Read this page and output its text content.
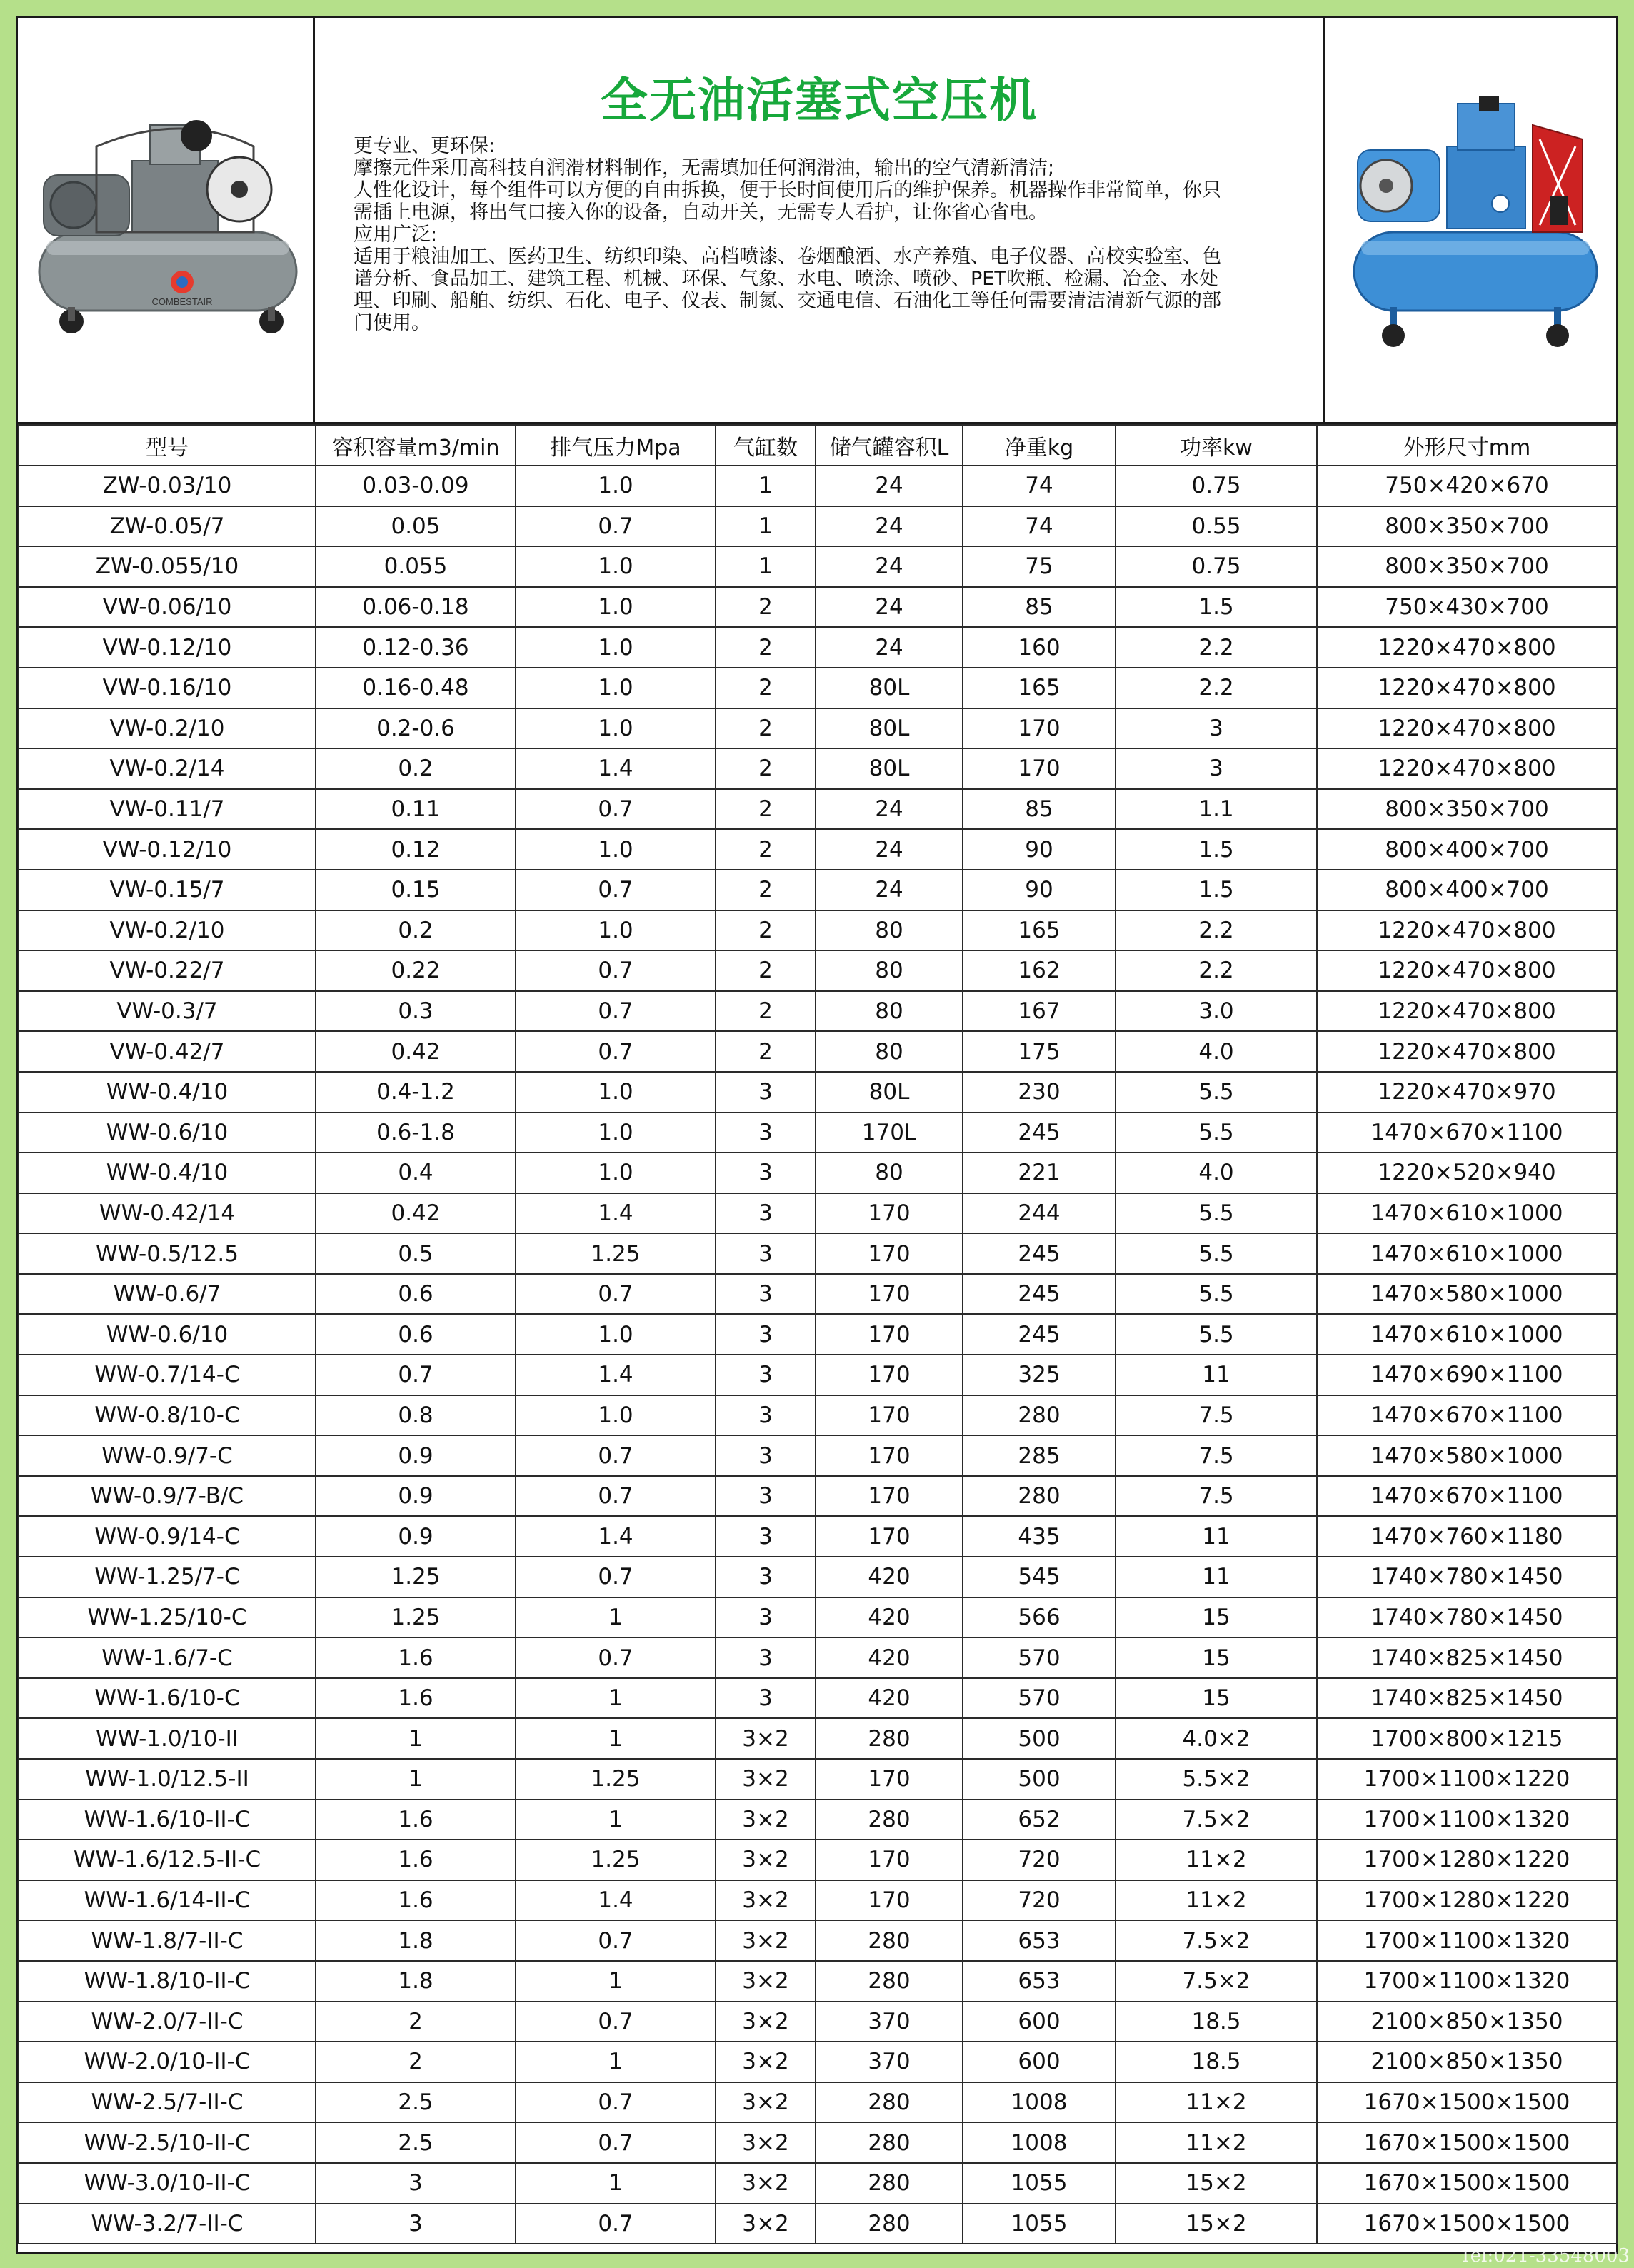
COMBESTAIR
全无油活塞式空压机
更专业、更环保:
摩擦元件采用高科技自润滑材料制作，无需填加任何润滑油，输出的空气清新清洁;
人性化设计，每个组件可以方便的自由拆换，便于长时间使用后的维护保养。机器操作非常简单，你只
需插上电源，将出气口接入你的设备，自动开关，无需专人看护，让你省心省电。
应用广泛:
适用于粮油加工、医药卫生、纺织印染、高档喷漆、卷烟酿酒、水产养殖、电子仪器、高校实验室、色
谱分析、食品加工、建筑工程、机械、环保、气象、水电、喷涂、喷砂、PET吹瓶、检漏、冶金、水处
理、印刷、船舶、纺织、石化、电子、仪表、制氮、交通电信、石油化工等任何需要清洁清新气源的部
门使用。
型号	容积容量m3/min	排气压力Mpa	气缸数	储气罐容积L	净重kg	功率kw	外形尺寸mm
ZW-0.03/10	0.03-0.09	1.0	1	24	74	0.75	750×420×670
ZW-0.05/7	0.05	0.7	1	24	74	0.55	800×350×700
ZW-0.055/10	0.055	1.0	1	24	75	0.75	800×350×700
VW-0.06/10	0.06-0.18	1.0	2	24	85	1.5	750×430×700
VW-0.12/10	0.12-0.36	1.0	2	24	160	2.2	1220×470×800
VW-0.16/10	0.16-0.48	1.0	2	80L	165	2.2	1220×470×800
VW-0.2/10	0.2-0.6	1.0	2	80L	170	3	1220×470×800
VW-0.2/14	0.2	1.4	2	80L	170	3	1220×470×800
VW-0.11/7	0.11	0.7	2	24	85	1.1	800×350×700
VW-0.12/10	0.12	1.0	2	24	90	1.5	800×400×700
VW-0.15/7	0.15	0.7	2	24	90	1.5	800×400×700
VW-0.2/10	0.2	1.0	2	80	165	2.2	1220×470×800
VW-0.22/7	0.22	0.7	2	80	162	2.2	1220×470×800
VW-0.3/7	0.3	0.7	2	80	167	3.0	1220×470×800
VW-0.42/7	0.42	0.7	2	80	175	4.0	1220×470×800
WW-0.4/10	0.4-1.2	1.0	3	80L	230	5.5	1220×470×970
WW-0.6/10	0.6-1.8	1.0	3	170L	245	5.5	1470×670×1100
WW-0.4/10	0.4	1.0	3	80	221	4.0	1220×520×940
WW-0.42/14	0.42	1.4	3	170	244	5.5	1470×610×1000
WW-0.5/12.5	0.5	1.25	3	170	245	5.5	1470×610×1000
WW-0.6/7	0.6	0.7	3	170	245	5.5	1470×580×1000
WW-0.6/10	0.6	1.0	3	170	245	5.5	1470×610×1000
WW-0.7/14-C	0.7	1.4	3	170	325	11	1470×690×1100
WW-0.8/10-C	0.8	1.0	3	170	280	7.5	1470×670×1100
WW-0.9/7-C	0.9	0.7	3	170	285	7.5	1470×580×1000
WW-0.9/7-B/C	0.9	0.7	3	170	280	7.5	1470×670×1100
WW-0.9/14-C	0.9	1.4	3	170	435	11	1470×760×1180
WW-1.25/7-C	1.25	0.7	3	420	545	11	1740×780×1450
WW-1.25/10-C	1.25	1	3	420	566	15	1740×780×1450
WW-1.6/7-C	1.6	0.7	3	420	570	15	1740×825×1450
WW-1.6/10-C	1.6	1	3	420	570	15	1740×825×1450
WW-1.0/10-II	1	1	3×2	280	500	4.0×2	1700×800×1215
WW-1.0/12.5-II	1	1.25	3×2	170	500	5.5×2	1700×1100×1220
WW-1.6/10-II-C	1.6	1	3×2	280	652	7.5×2	1700×1100×1320
WW-1.6/12.5-II-C	1.6	1.25	3×2	170	720	11×2	1700×1280×1220
WW-1.6/14-II-C	1.6	1.4	3×2	170	720	11×2	1700×1280×1220
WW-1.8/7-II-C	1.8	0.7	3×2	280	653	7.5×2	1700×1100×1320
WW-1.8/10-II-C	1.8	1	3×2	280	653	7.5×2	1700×1100×1320
WW-2.0/7-II-C	2	0.7	3×2	370	600	18.5	2100×850×1350
WW-2.0/10-II-C	2	1	3×2	370	600	18.5	2100×850×1350
WW-2.5/7-II-C	2.5	0.7	3×2	280	1008	11×2	1670×1500×1500
WW-2.5/10-II-C	2.5	0.7	3×2	280	1008	11×2	1670×1500×1500
WW-3.0/10-II-C	3	1	3×2	280	1055	15×2	1670×1500×1500
WW-3.2/7-II-C	3	0.7	3×2	280	1055	15×2	1670×1500×1500
Tel:021-33548003
